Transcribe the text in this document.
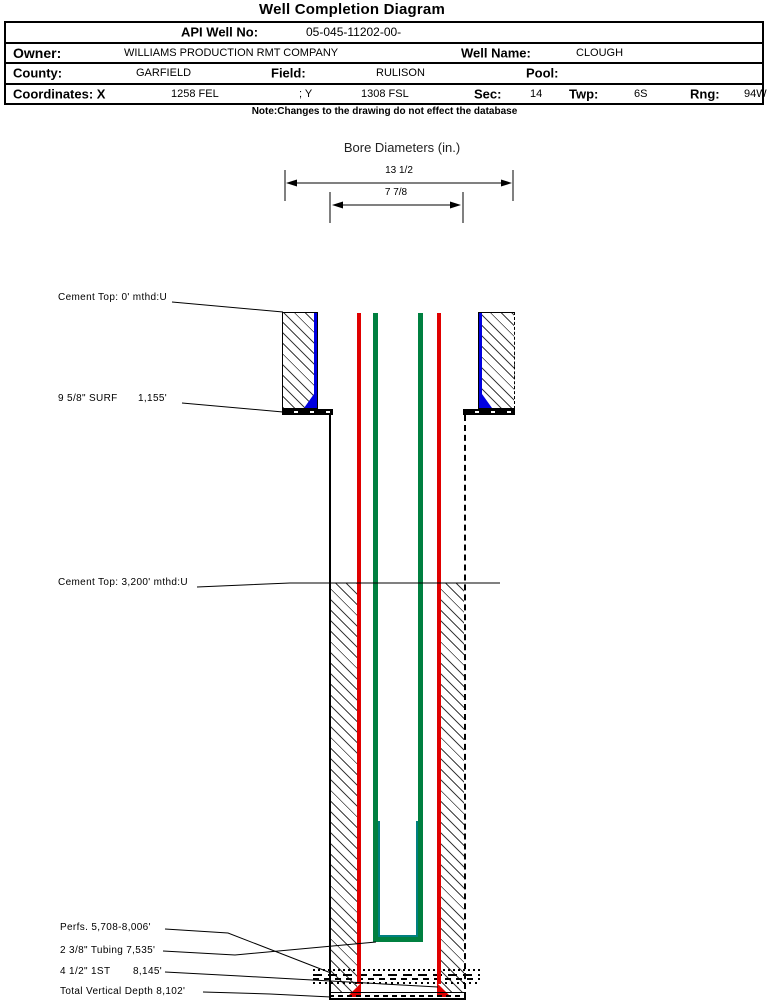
Well Completion Diagram
API Well No:	05-045-11202-00-
Owner:	WILLIAMS PRODUCTION RMT COMPANY	Well Name:	CLOUGH
County:	GARFIELD	Field:	RULISON	Pool:
Coordinates: X	1258 FEL	; Y	1308 FSL	Sec:	14 Twp:	6S	Rng: 94W
Note:Changes to the drawing do not effect the database
Bore Diameters (in.)
13 1/2
7 7/8
Cement Top: 0' mthd:U
9 5/8" SURF 1,155'
Cement Top: 3,200' mthd:U
Perfs. 5,708-8,006'
2 3/8" Tubing 7,535'
4 1/2" 1ST 8,145'
Total Vertical Depth 8,102'
